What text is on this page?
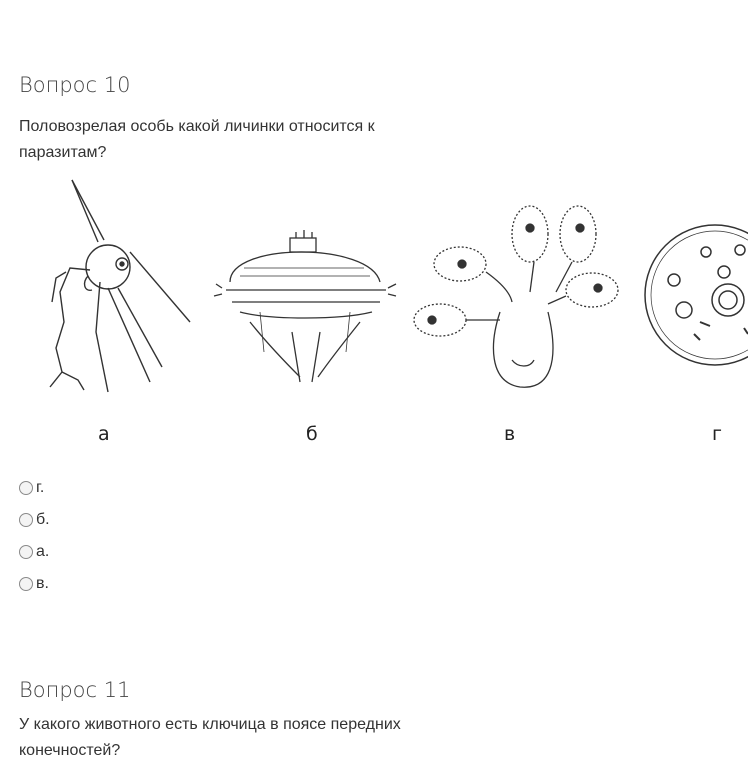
Вопрос 10
Половозрелая особь какой личинки относится к паразитам?
а	б	в	г
г.
б.
а.
в.
Вопрос 11
У какого животного есть ключица в поясе передних конечностей?
